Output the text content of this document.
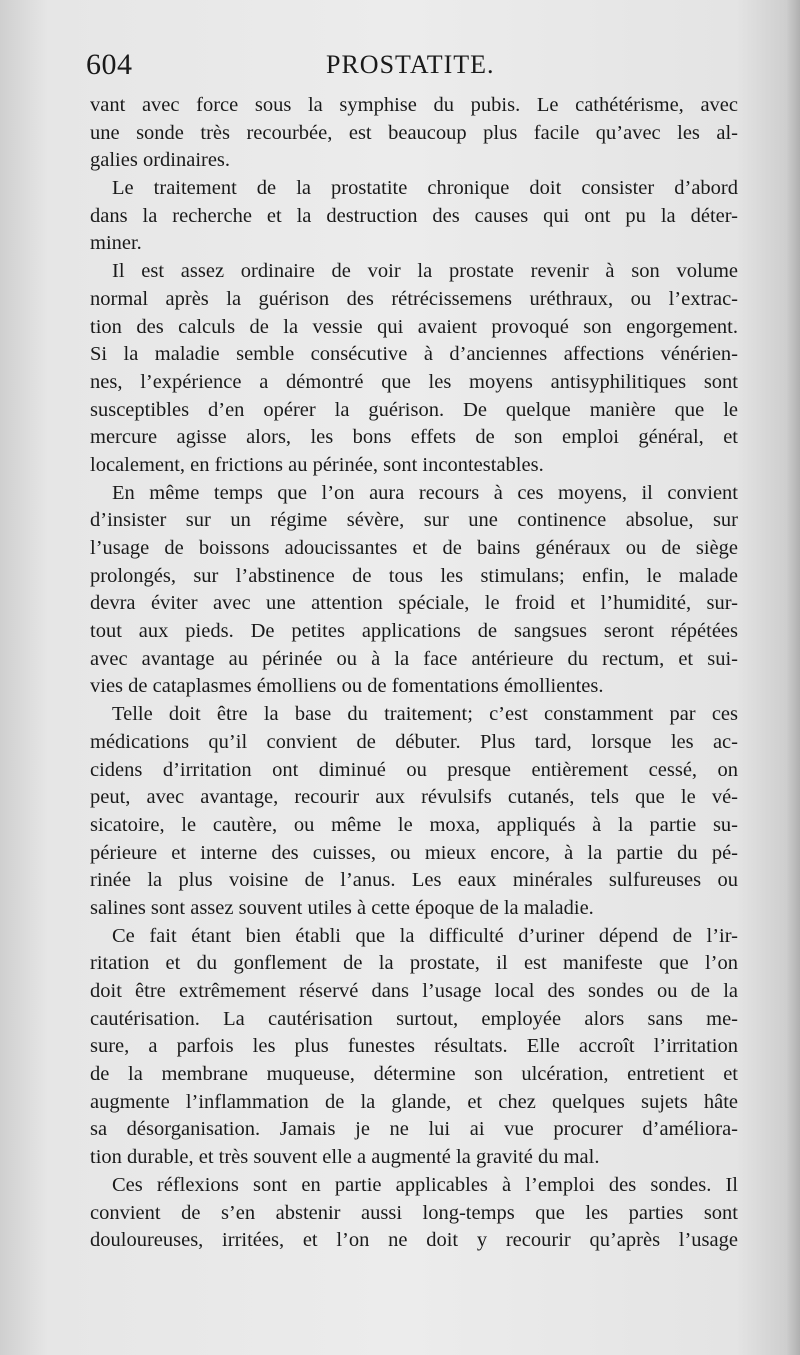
604	PROSTATITE.
vant avec force sous la symphise du pubis. Le cathétérisme, avec
une sonde très recourbée, est beaucoup plus facile qu’avec les al-
galies ordinaires.
Le traitement de la prostatite chronique doit consister d’abord
dans la recherche et la destruction des causes qui ont pu la déter-
miner.
Il est assez ordinaire de voir la prostate revenir à son volume
normal après la guérison des rétrécissemens uréthraux, ou l’extrac-
tion des calculs de la vessie qui avaient provoqué son engorgement.
Si la maladie semble consécutive à d’anciennes affections vénérien-
nes, l’expérience a démontré que les moyens antisyphilitiques sont
susceptibles d’en opérer la guérison. De quelque manière que le
mercure agisse alors, les bons effets de son emploi général, et
localement, en frictions au périnée, sont incontestables.
En même temps que l’on aura recours à ces moyens, il convient
d’insister sur un régime sévère, sur une continence absolue, sur
l’usage de boissons adoucissantes et de bains généraux ou de siège
prolongés, sur l’abstinence de tous les stimulans; enfin, le malade
devra éviter avec une attention spéciale, le froid et l’humidité, sur-
tout aux pieds. De petites applications de sangsues seront répétées
avec avantage au périnée ou à la face antérieure du rectum, et sui-
vies de cataplasmes émolliens ou de fomentations émollientes.
Telle doit être la base du traitement; c’est constamment par ces
médications qu’il convient de débuter. Plus tard, lorsque les ac-
cidens d’irritation ont diminué ou presque entièrement cessé, on
peut, avec avantage, recourir aux révulsifs cutanés, tels que le vé-
sicatoire, le cautère, ou même le moxa, appliqués à la partie su-
périeure et interne des cuisses, ou mieux encore, à la partie du pé-
rinée la plus voisine de l’anus. Les eaux minérales sulfureuses ou
salines sont assez souvent utiles à cette époque de la maladie.
Ce fait étant bien établi que la difficulté d’uriner dépend de l’ir-
ritation et du gonflement de la prostate, il est manifeste que l’on
doit être extrêmement réservé dans l’usage local des sondes ou de la
cautérisation. La cautérisation surtout, employée alors sans me-
sure, a parfois les plus funestes résultats. Elle accroît l’irritation
de la membrane muqueuse, détermine son ulcération, entretient et
augmente l’inflammation de la glande, et chez quelques sujets hâte
sa désorganisation. Jamais je ne lui ai vue procurer d’améliora-
tion durable, et très souvent elle a augmenté la gravité du mal.
Ces réflexions sont en partie applicables à l’emploi des sondes. Il
convient de s’en abstenir aussi long-temps que les parties sont
douloureuses, irritées, et l’on ne doit y recourir qu’après l’usage
